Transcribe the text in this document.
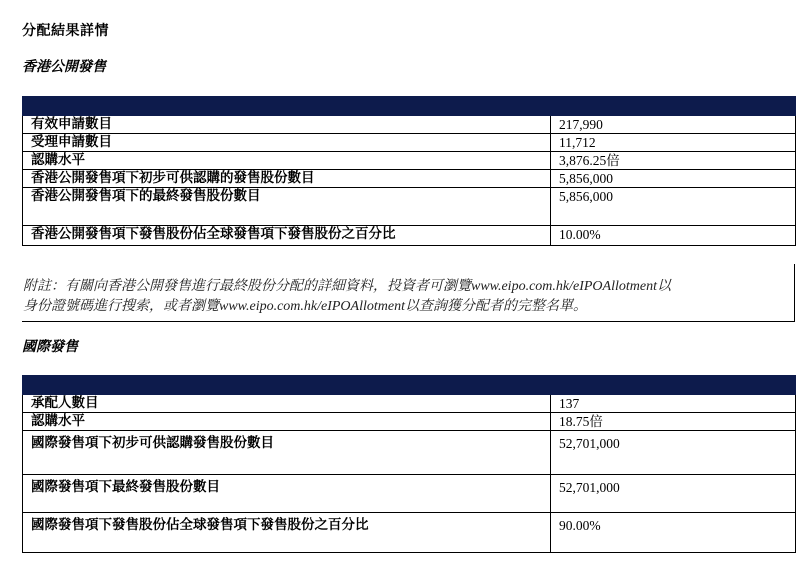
分配結果詳情
香港公開發售

有效申請數目	217,990
受理申請數目	11,712
認購水平	3,876.25倍
香港公開發售項下初步可供認購的發售股份數目	5,856,000
香港公開發售項下的最終發售股份數目	5,856,000
香港公開發售項下發售股份佔全球發售項下發售股份之百分比	10.00%
附註：有關向香港公開發售進行最終股份分配的詳細資料，投資者可瀏覽www.eipo.com.hk/eIPOAllotment以
身份證號碼進行搜索，或者瀏覽www.eipo.com.hk/eIPOAllotment以查詢獲分配者的完整名單。
國際發售

承配人數目	137
認購水平	18.75倍
國際發售項下初步可供認購發售股份數目	52,701,000
國際發售項下最終發售股份數目	52,701,000
國際發售項下發售股份佔全球發售項下發售股份之百分比	90.00%
